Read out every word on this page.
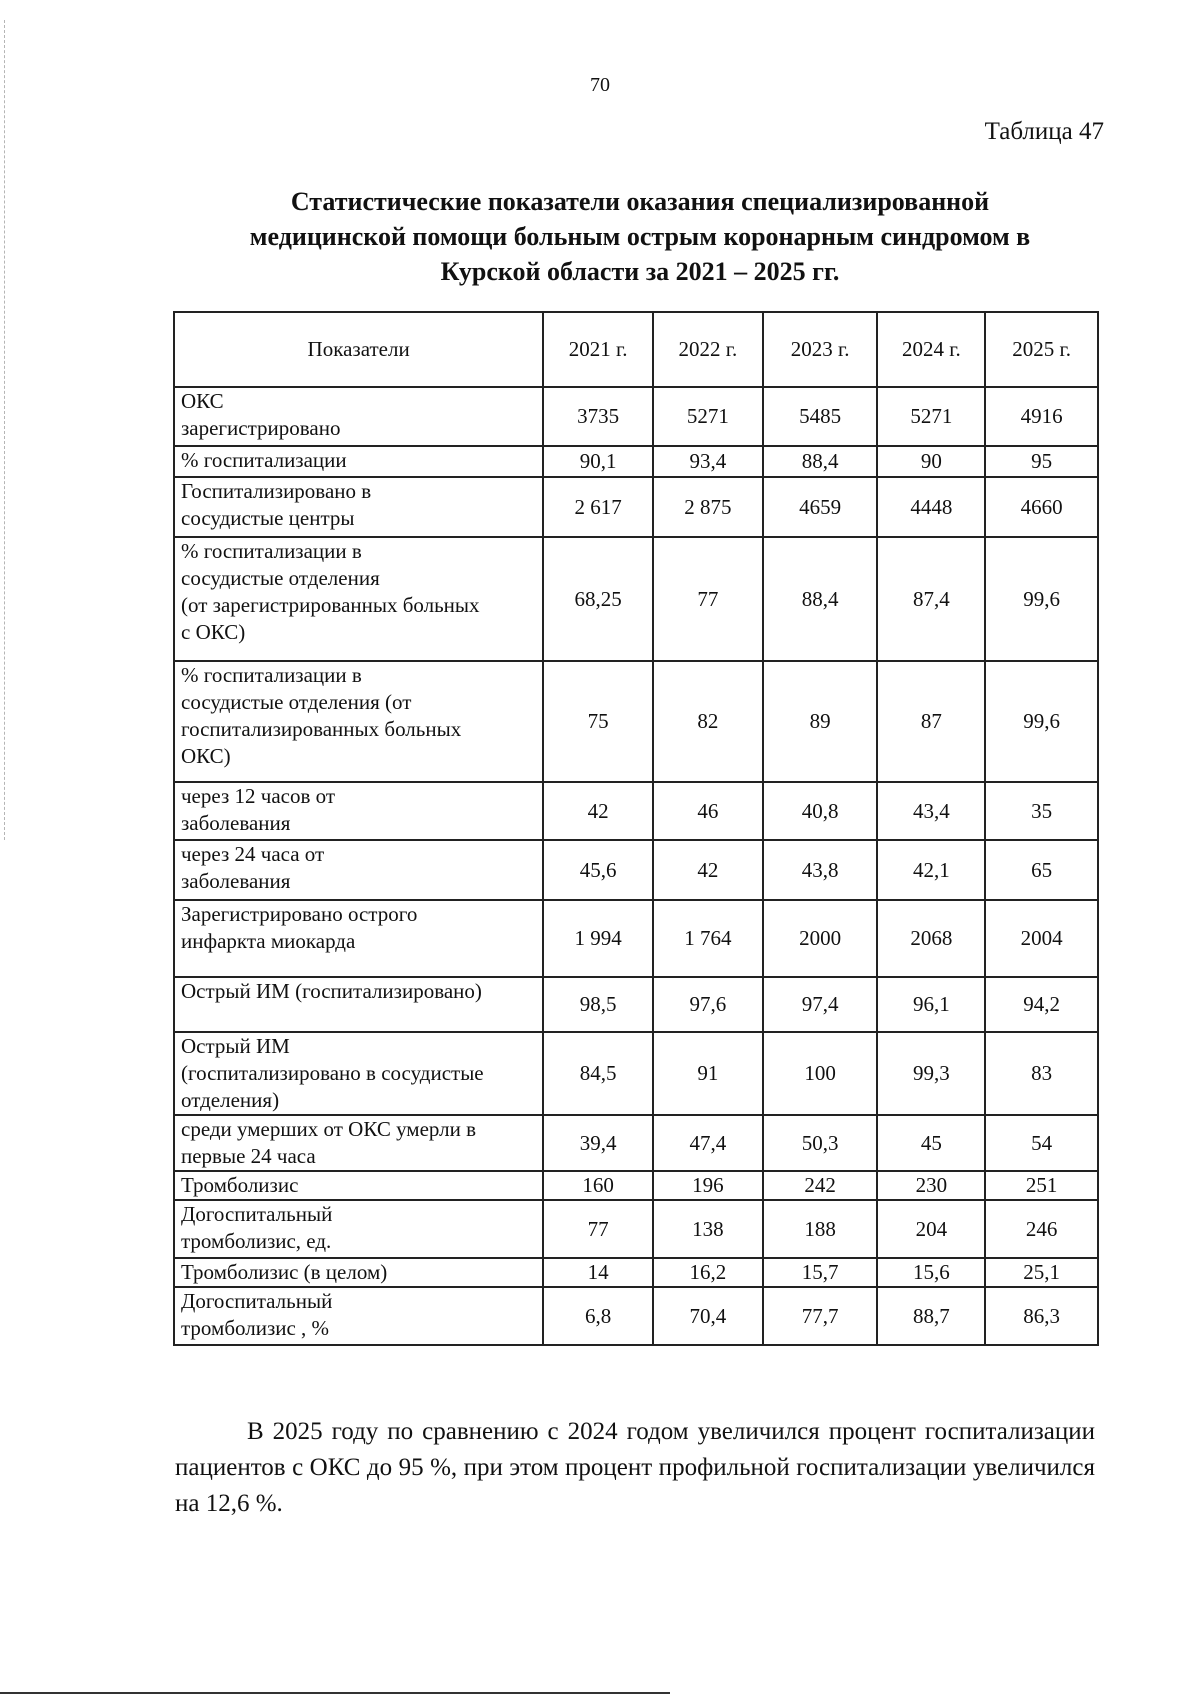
70
Таблица 47
Статистические показатели оказания специализированной
медицинской помощи больным острым коронарным синдромом в
Курской области за 2021 – 2025 гг.
Показатели	2021 г.	2022 г.	2023 г.	2024 г.	2025 г.
ОКС
зарегистрировано	3735	5271	5485	5271	4916
% госпитализации	90,1	93,4	88,4	90	95
Госпитализировано в
сосудистые центры	2 617	2 875	4659	4448	4660
% госпитализации в
сосудистые отделения
(от зарегистрированных больных
с ОКС)	68,25	77	88,4	87,4	99,6
% госпитализации в
сосудистые отделения (от
госпитализированных больных
ОКС)	75	82	89	87	99,6
через 12 часов от
заболевания	42	46	40,8	43,4	35
через 24 часа от
заболевания	45,6	42	43,8	42,1	65
Зарегистрировано острого
инфаркта миокарда	1 994	1 764	2000	2068	2004
Острый ИМ (госпитализировано)	98,5	97,6	97,4	96,1	94,2
Острый ИМ
(госпитализировано в сосудистые
отделения)	84,5	91	100	99,3	83
среди умерших от ОКС умерли в
первые 24 часа	39,4	47,4	50,3	45	54
Тромболизис	160	196	242	230	251
Догоспитальный
тромболизис, ед.	77	138	188	204	246
Тромболизис (в целом)	14	16,2	15,7	15,6	25,1
Догоспитальный
тромболизис , %	6,8	70,4	77,7	88,7	86,3
В 2025 году по сравнению с 2024 годом увеличился процент госпитализации пациентов с ОКС до 95 %, при этом процент профильной госпитализации увеличился на 12,6 %.
